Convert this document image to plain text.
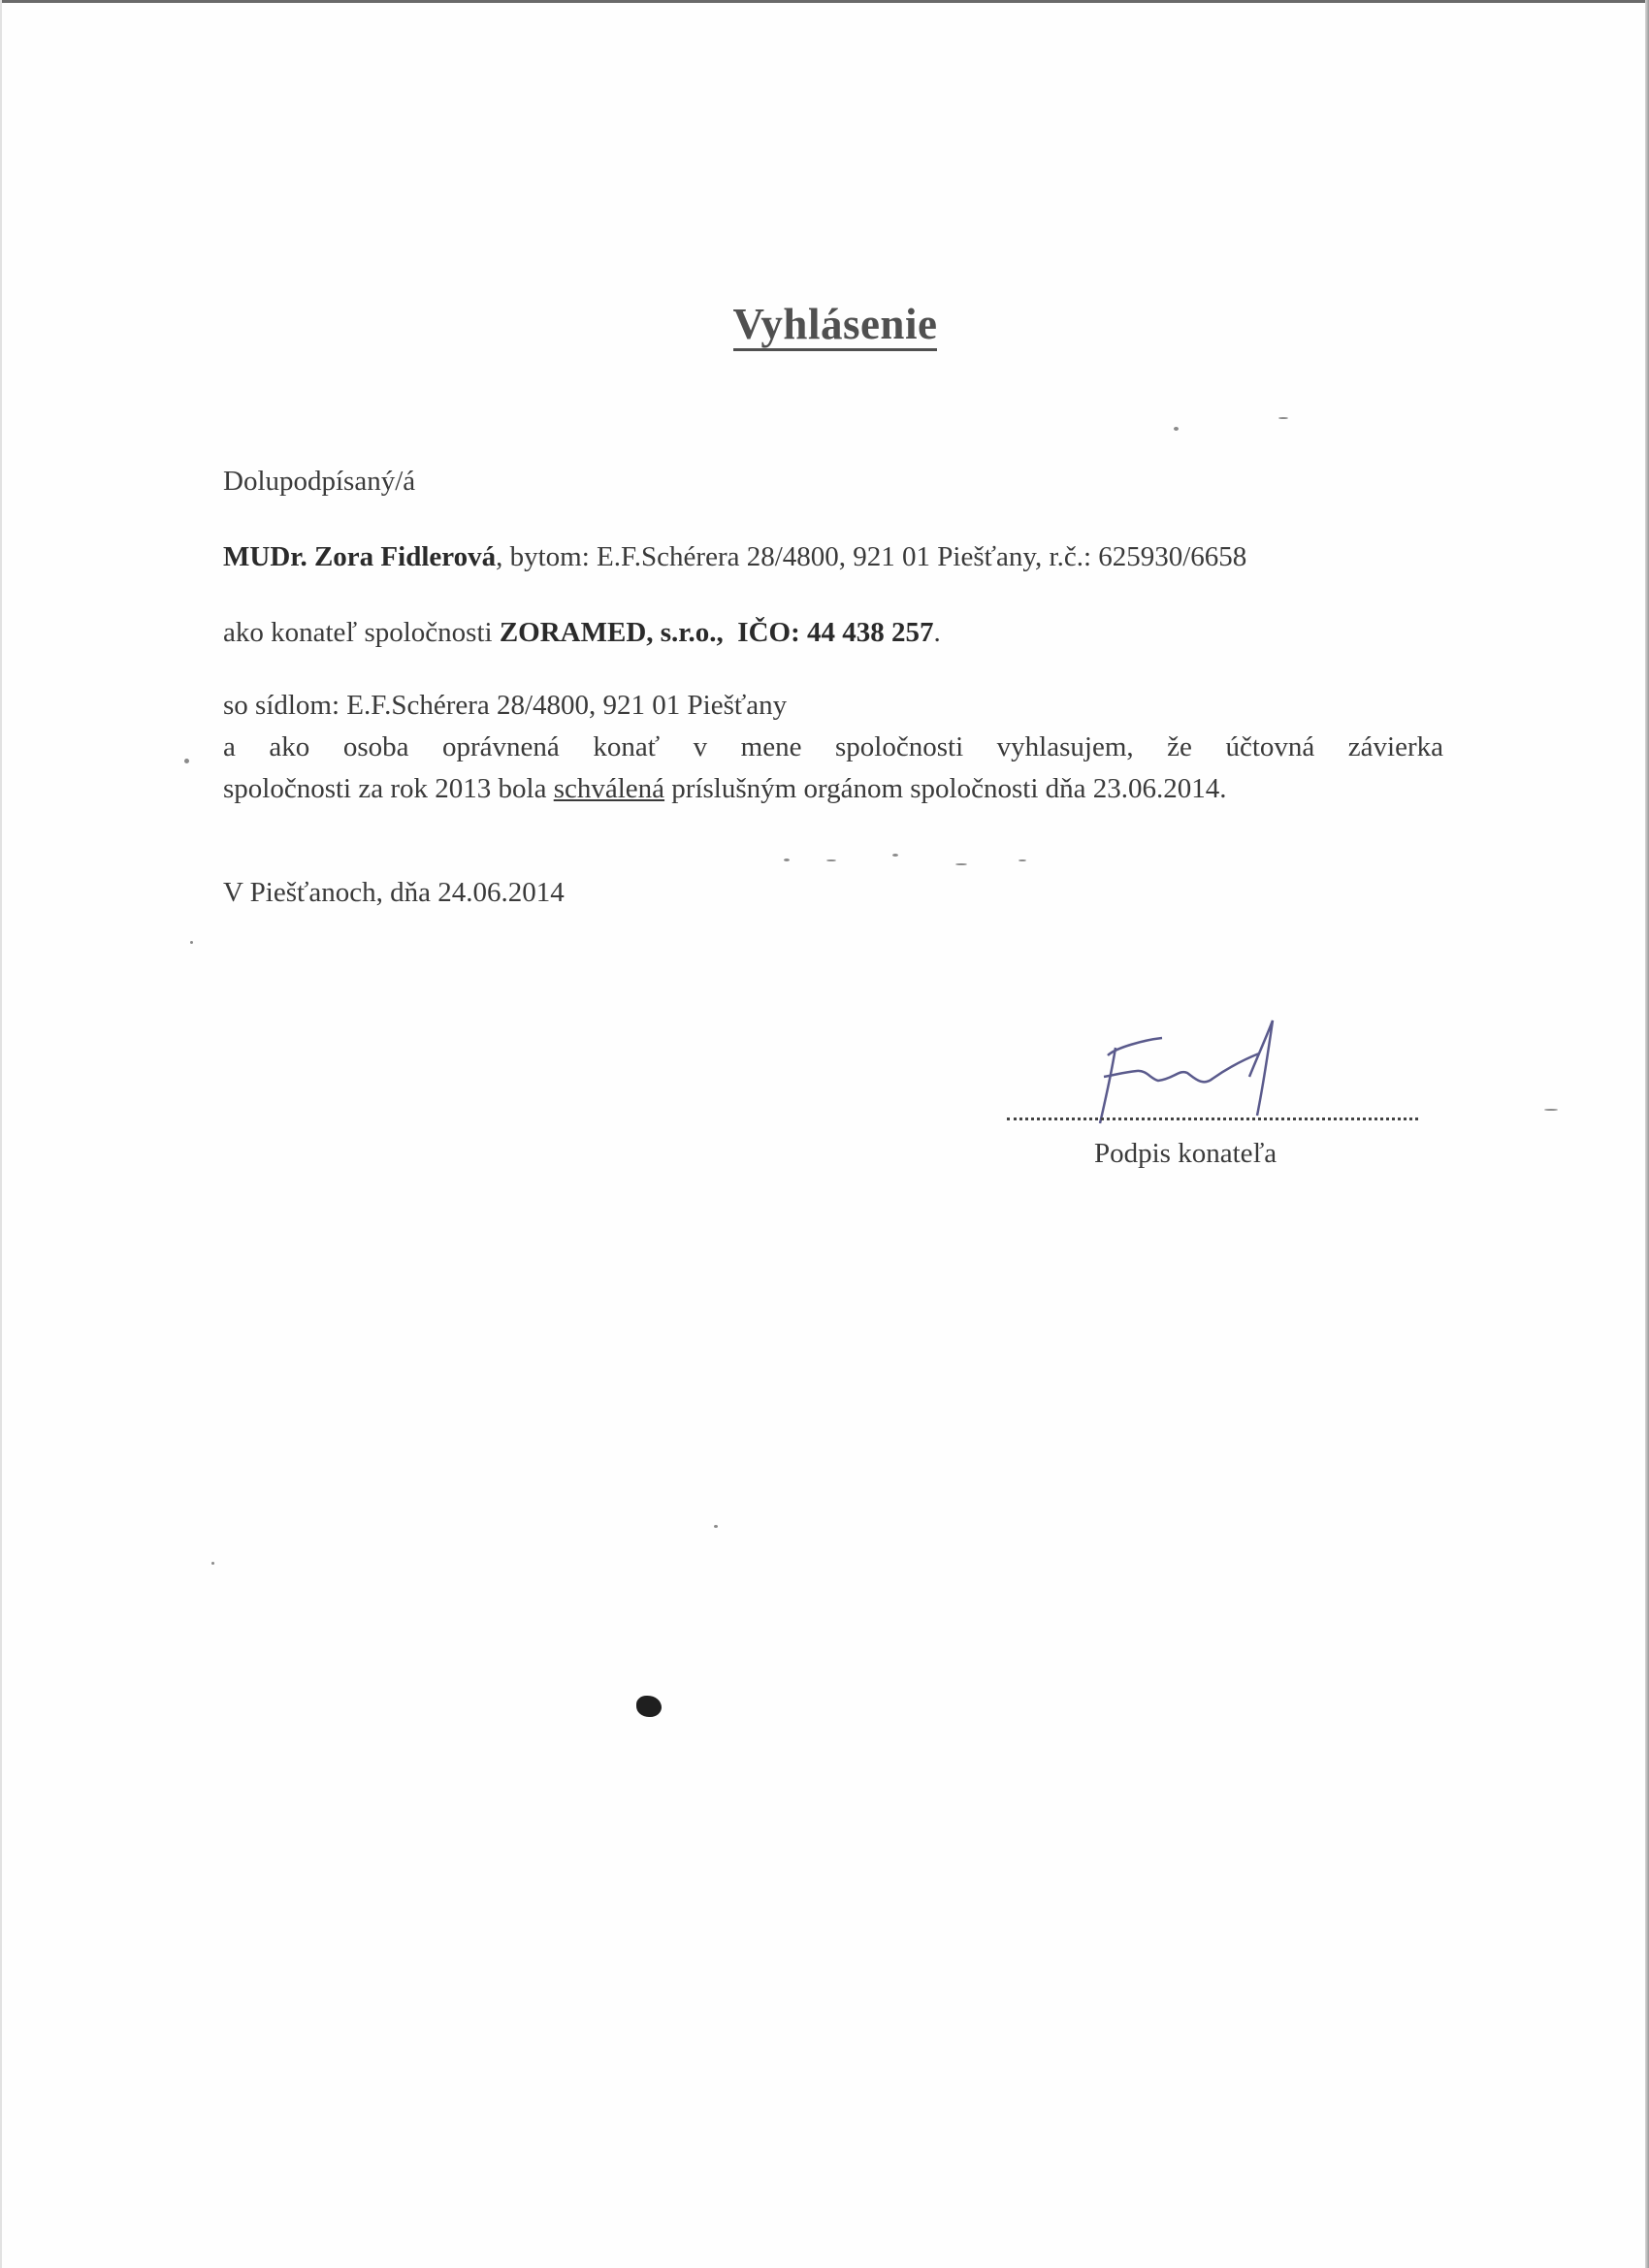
Vyhlásenie
Dolupodpísaný/á
MUDr. Zora Fidlerová, bytom: E.F.Schérera 28/4800, 921 01 Piešťany, r.č.: 625930/6658
ako konateľ spoločnosti ZORAMED, s.r.o., IČO: 44 438 257.
so sídlom: E.F.Schérera 28/4800, 921 01 Piešťany
a ako osoba oprávnená konať v mene spoločnosti vyhlasujem, že účtovná závierka
spoločnosti za rok 2013 bola schválená príslušným orgánom spoločnosti dňa 23.06.2014.
V Piešťanoch, dňa 24.06.2014
Podpis konateľa
